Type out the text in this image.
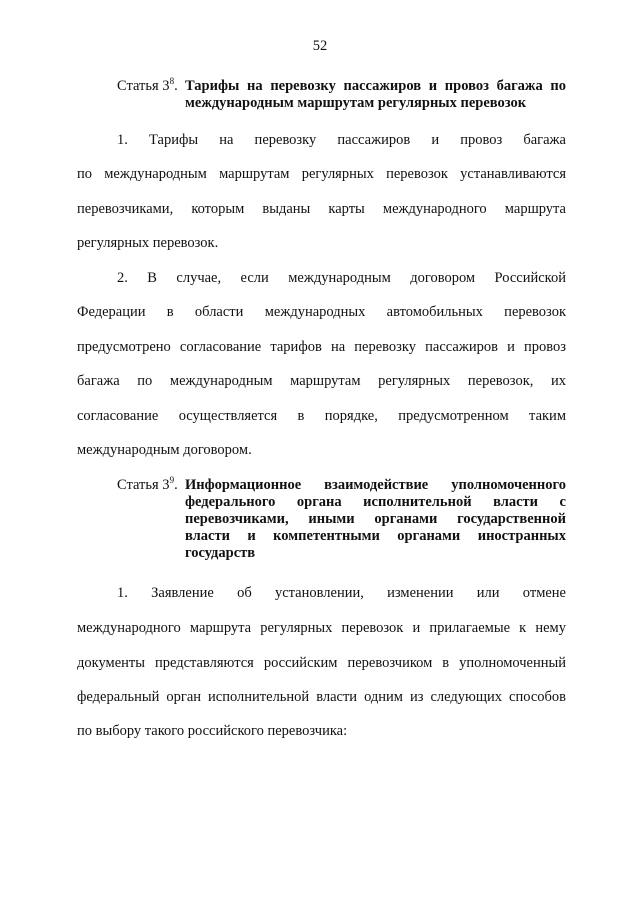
52
Статья $3^8$. Тарифы на перевозку пассажиров и провоз багажа по международным маршрутам регулярных перевозок
1. Тарифы на перевозку пассажиров и провоз багажа
по международным маршрутам регулярных перевозок устанавливаются
перевозчиками, которым выданы карты международного маршрута
регулярных перевозок.
2. В случае, если международным договором Российской
Федерации в области международных автомобильных перевозок
предусмотрено согласование тарифов на перевозку пассажиров и провоз
багажа по международным маршрутам регулярных перевозок, их
согласование осуществляется в порядке, предусмотренном таким
международным договором.
Статья $3^9$. Информационное взаимодействие уполномоченного федерального органа исполнительной власти с перевозчиками, иными органами государственной власти и компетентными органами иностранных государств
1. Заявление об установлении, изменении или отмене
международного маршрута регулярных перевозок и прилагаемые к нему
документы представляются российским перевозчиком в уполномоченный
федеральный орган исполнительной власти одним из следующих способов
по выбору такого российского перевозчика:
